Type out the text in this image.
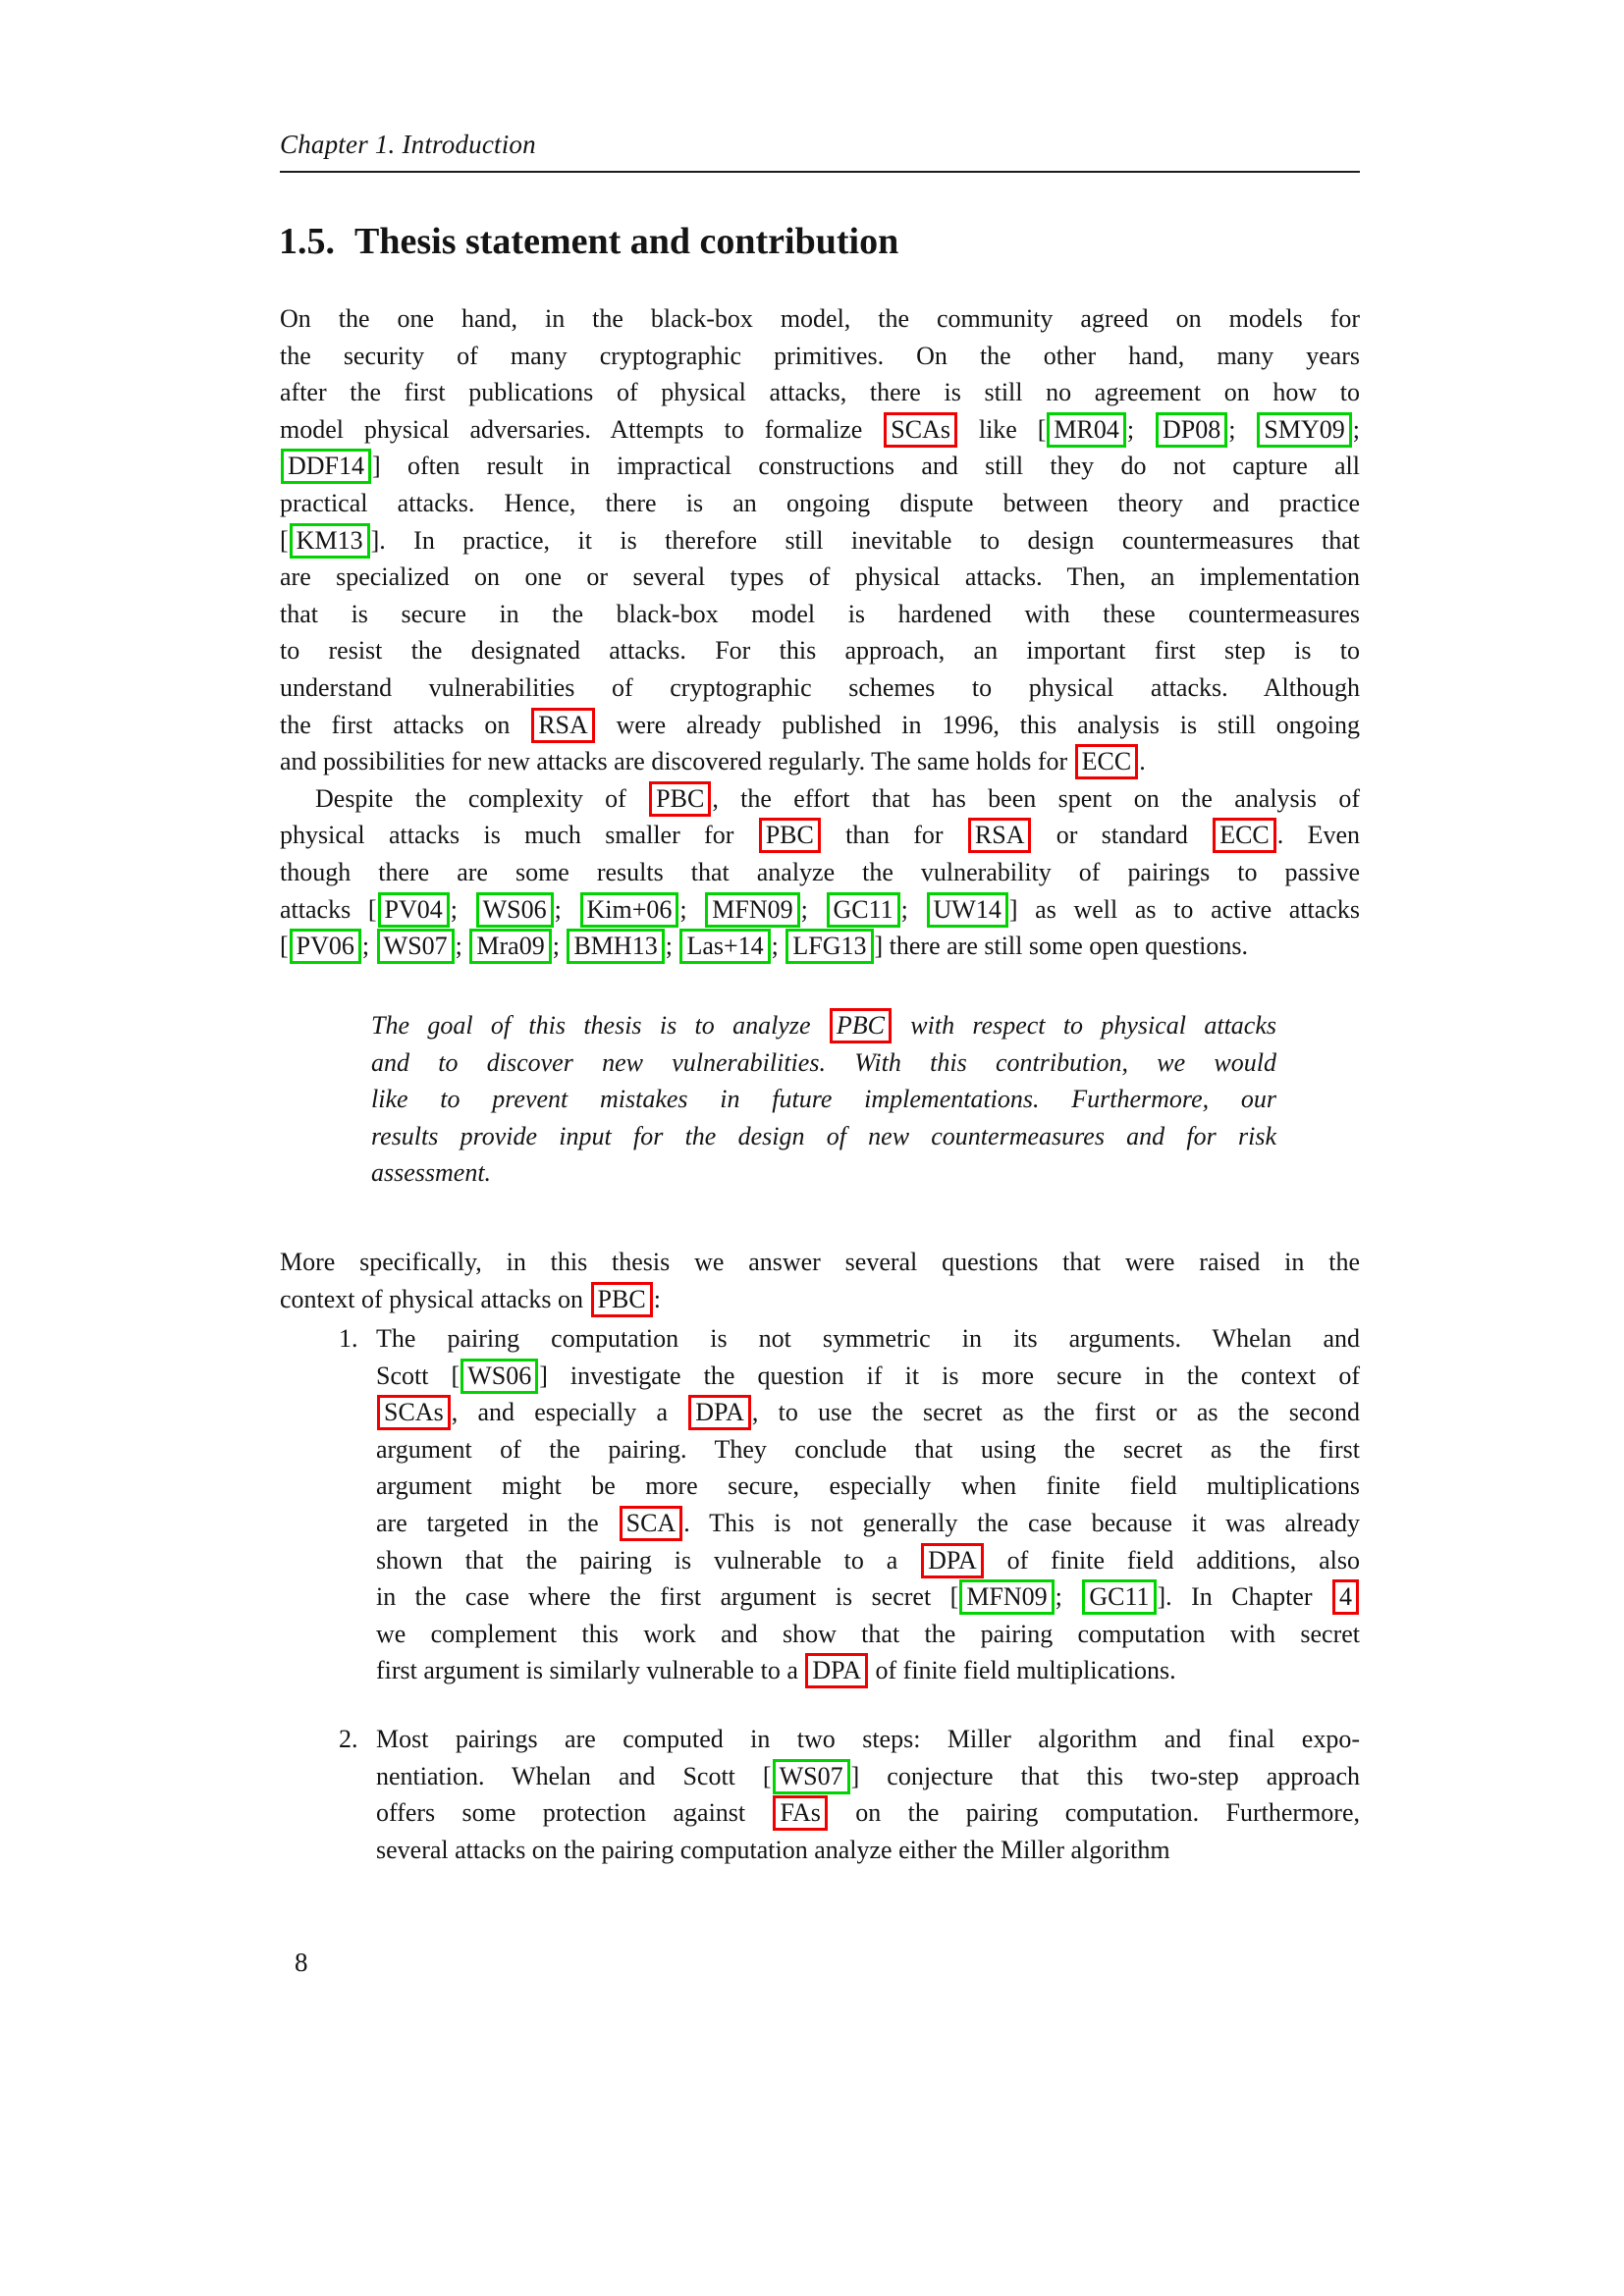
Chapter 1. Introduction
1.5. Thesis statement and contribution
On the one hand, in the black-box model, the community agreed on models for
the security of many cryptographic primitives. On the other hand, many years
after the first publications of physical attacks, there is still no agreement on how to
model physical adversaries. Attempts to formalize SCAs like [ MR04 ; DP08 ; SMY09 ;
DDF14 ] often result in impractical constructions and still they do not capture all
practical attacks. Hence, there is an ongoing dispute between theory and practice
[ KM13 ]. In practice, it is therefore still inevitable to design countermeasures that
are specialized on one or several types of physical attacks. Then, an implementation
that is secure in the black-box model is hardened with these countermeasures
to resist the designated attacks. For this approach, an important first step is to
understand vulnerabilities of cryptographic schemes to physical attacks. Although
the first attacks on RSA were already published in 1996, this analysis is still ongoing
and possibilities for new attacks are discovered regularly. The same holds for ECC .
Despite the complexity of PBC , the effort that has been spent on the analysis of
physical attacks is much smaller for PBC than for RSA or standard ECC . Even
though there are some results that analyze the vulnerability of pairings to passive
attacks [ PV04 ; WS06 ; Kim+06 ; MFN09 ; GC11 ; UW14 ] as well as to active attacks
[ PV06 ; WS07 ; Mra09 ; BMH13 ; Las+14 ; LFG13 ] there are still some open questions.
The goal of this thesis is to analyze PBC with respect to physical attacks
and to discover new vulnerabilities. With this contribution, we would
like to prevent mistakes in future implementations. Furthermore, our
results provide input for the design of new countermeasures and for risk
assessment.
More specifically, in this thesis we answer several questions that were raised in the
context of physical attacks on PBC :
1. The pairing computation is not symmetric in its arguments. Whelan and
Scott [ WS06 ] investigate the question if it is more secure in the context of
SCAs , and especially a DPA , to use the secret as the first or as the second
argument of the pairing. They conclude that using the secret as the first
argument might be more secure, especially when finite field multiplications
are targeted in the SCA . This is not generally the case because it was already
shown that the pairing is vulnerable to a DPA of finite field additions, also
in the case where the first argument is secret [ MFN09 ; GC11 ]. In Chapter 4
we complement this work and show that the pairing computation with secret
first argument is similarly vulnerable to a DPA of finite field multiplications.
2. Most pairings are computed in two steps: Miller algorithm and final expo-
nentiation. Whelan and Scott [ WS07 ] conjecture that this two-step approach
offers some protection against FAs on the pairing computation. Furthermore,
several attacks on the pairing computation analyze either the Miller algorithm
8
